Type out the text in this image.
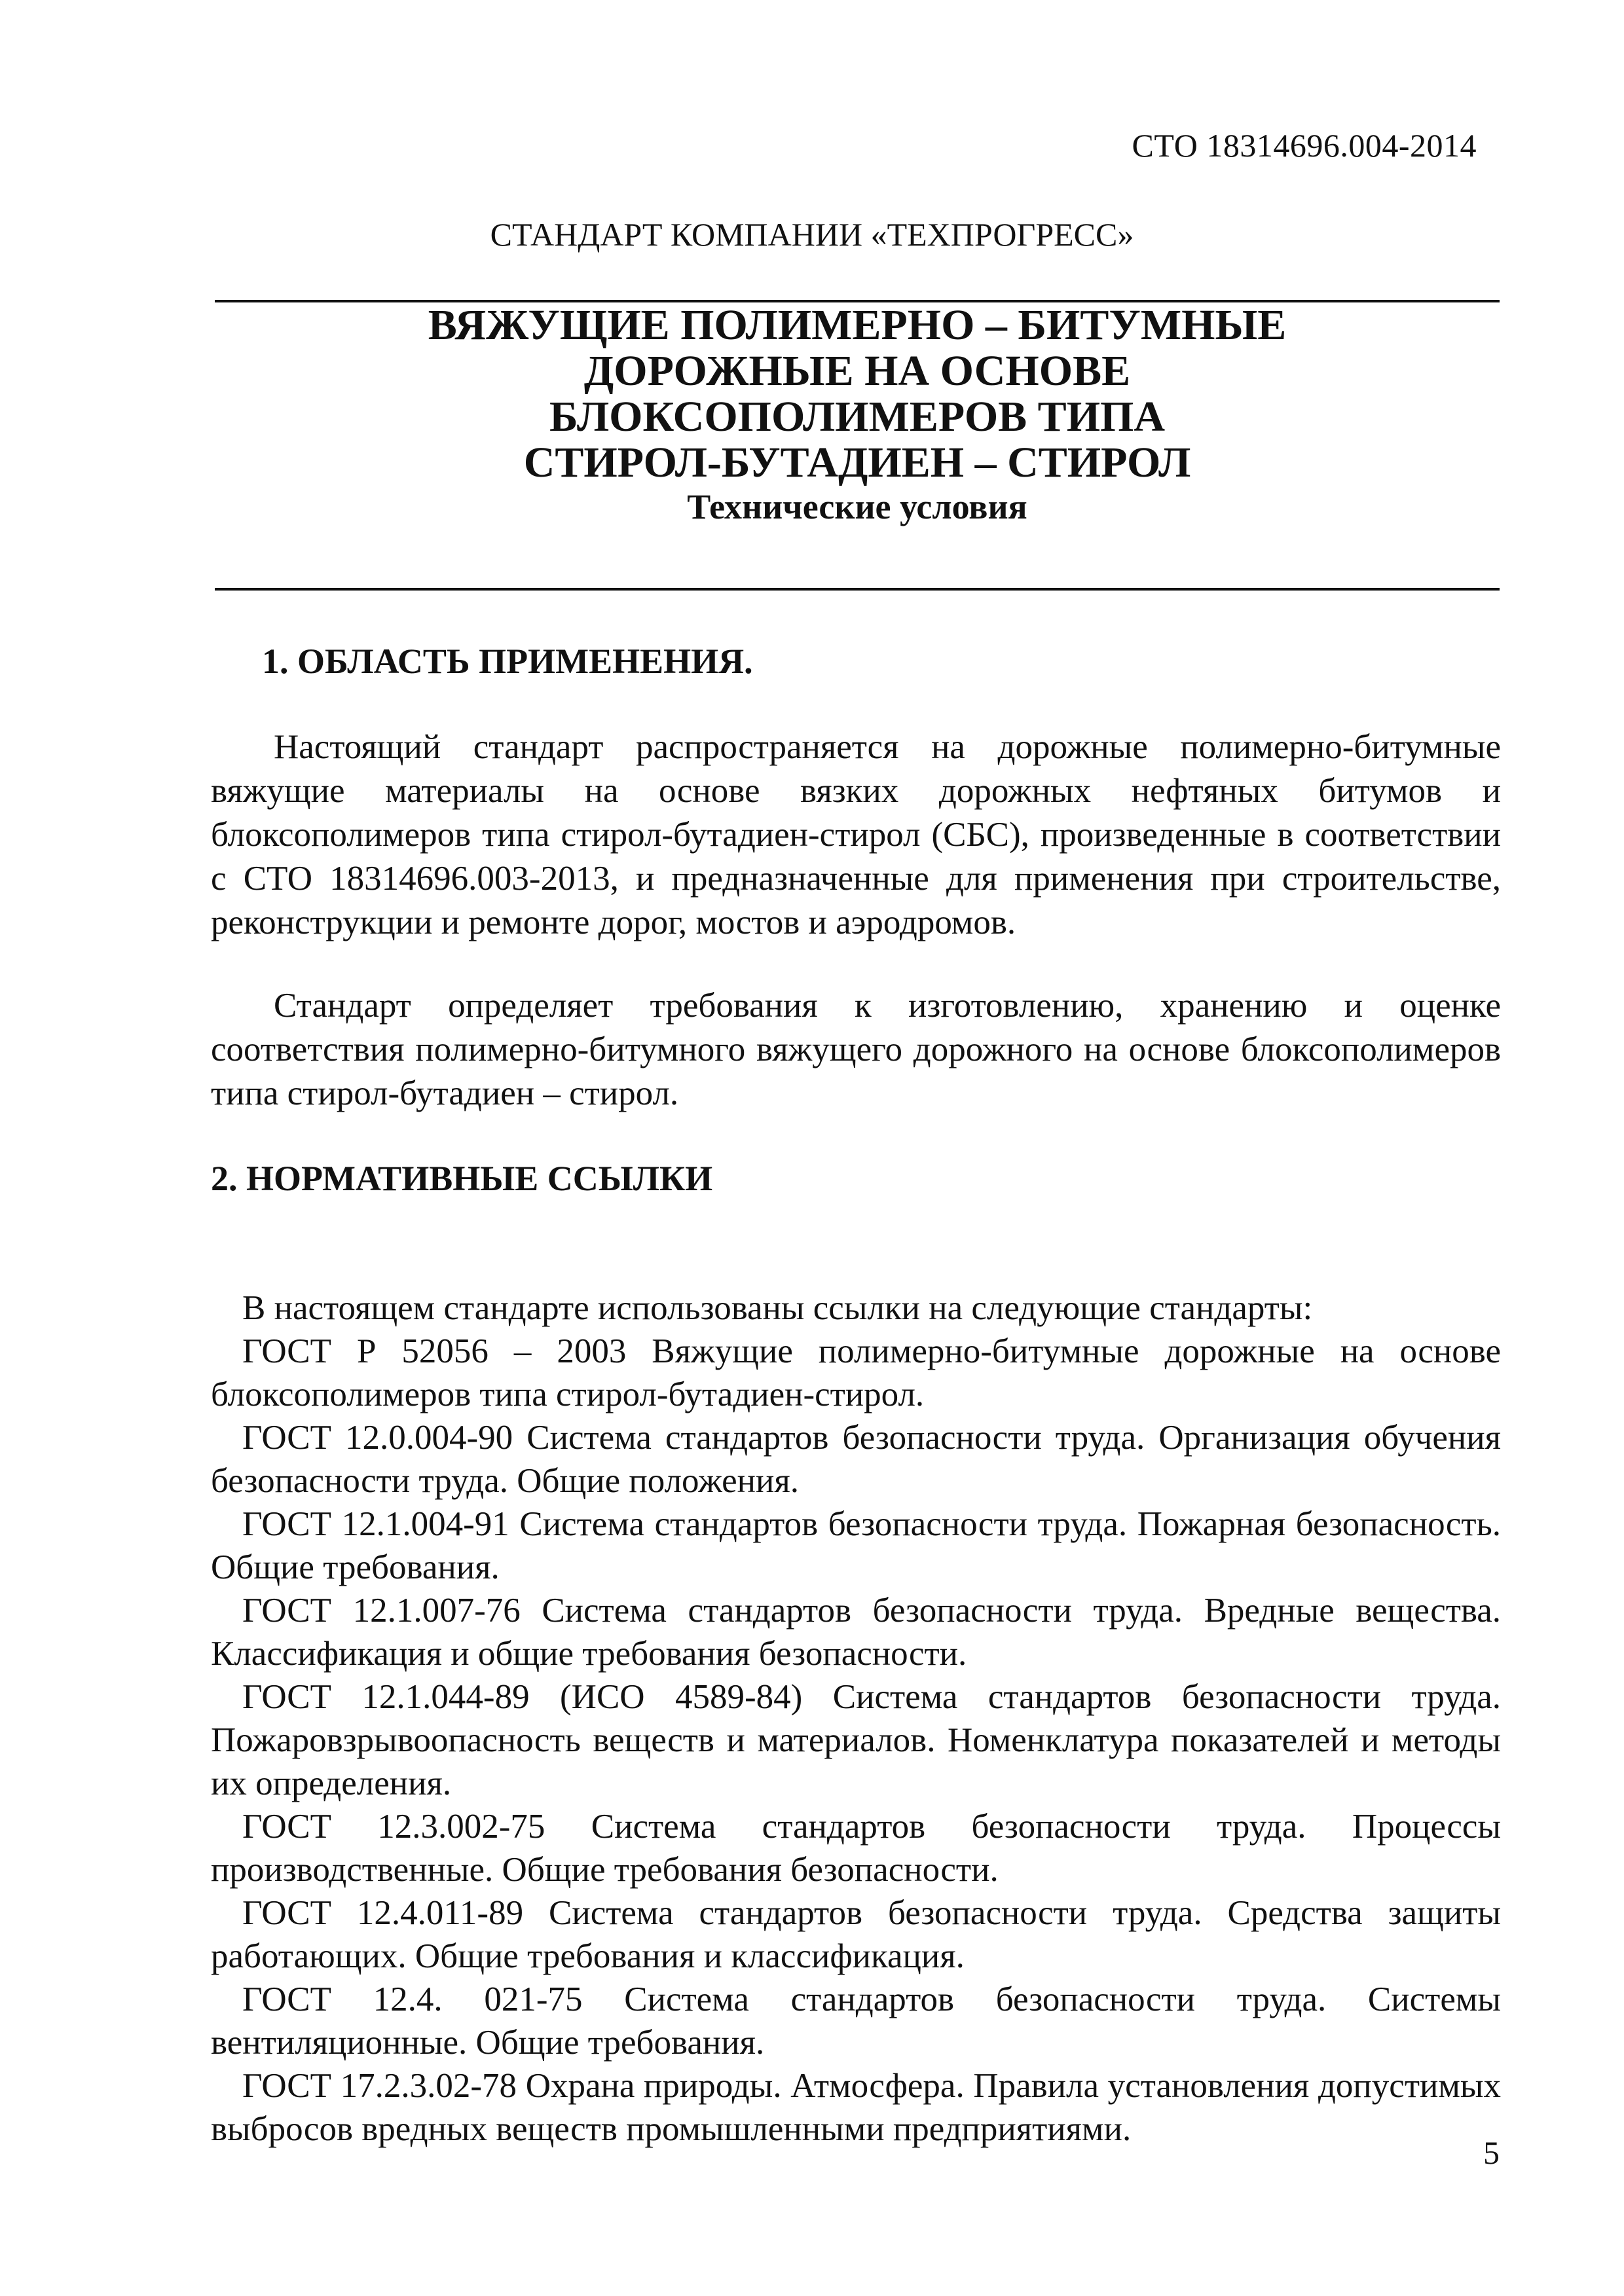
СТО 18314696.004-2014
СТАНДАРТ КОМПАНИИ «ТЕХПРОГРЕСС»
ВЯЖУЩИЕ ПОЛИМЕРНО – БИТУМНЫЕ
ДОРОЖНЫЕ НА ОСНОВЕ
БЛОКСОПОЛИМЕРОВ ТИПА
СТИРОЛ-БУТАДИЕН – СТИРОЛ
Технические условия
1. ОБЛАСТЬ ПРИМЕНЕНИЯ.

Настоящий стандарт распространяется на дорожные полимерно-битумные вяжущие материалы на основе вязких дорожных нефтяных битумов и блоксополимеров типа стирол-бутадиен-стирол (СБС), произведенные в соответствии с СТО 18314696.003-2013, и предназначенные для применения при строительстве, реконструкции и ремонте дорог, мостов и аэродромов.

Стандарт определяет требования к изготовлению, хранению и оценке соответствия полимерно-битумного вяжущего дорожного на основе блоксополимеров типа стирол-бутадиен – стирол.

2. НОРМАТИВНЫЕ ССЫЛКИ

В настоящем стандарте использованы ссылки на следующие стандарты:

ГОСТ Р 52056 – 2003 Вяжущие полимерно-битумные дорожные на основе блоксополимеров типа стирол-бутадиен-стирол.

ГОСТ 12.0.004-90 Система стандартов безопасности труда. Организация обучения безопасности труда. Общие положения.

ГОСТ 12.1.004-91 Система стандартов безопасности труда. Пожарная безопасность. Общие требования.

ГОСТ 12.1.007-76 Система стандартов безопасности труда. Вредные вещества. Классификация и общие требования безопасности.

ГОСТ 12.1.044-89 (ИСО 4589-84) Система стандартов безопасности труда. Пожаровзрывоопасность веществ и материалов. Номенклатура показателей и методы их определения.

ГОСТ 12.3.002-75 Система стандартов безопасности труда. Процессы производственные. Общие требования безопасности.

ГОСТ 12.4.011-89 Система стандартов безопасности труда. Средства защиты работающих. Общие требования и классификация.

ГОСТ 12.4. 021-75 Система стандартов безопасности труда. Системы вентиляционные. Общие требования.

ГОСТ 17.2.3.02-78 Охрана природы. Атмосфера. Правила установления допустимых выбросов вредных веществ промышленными предприятиями.

5
